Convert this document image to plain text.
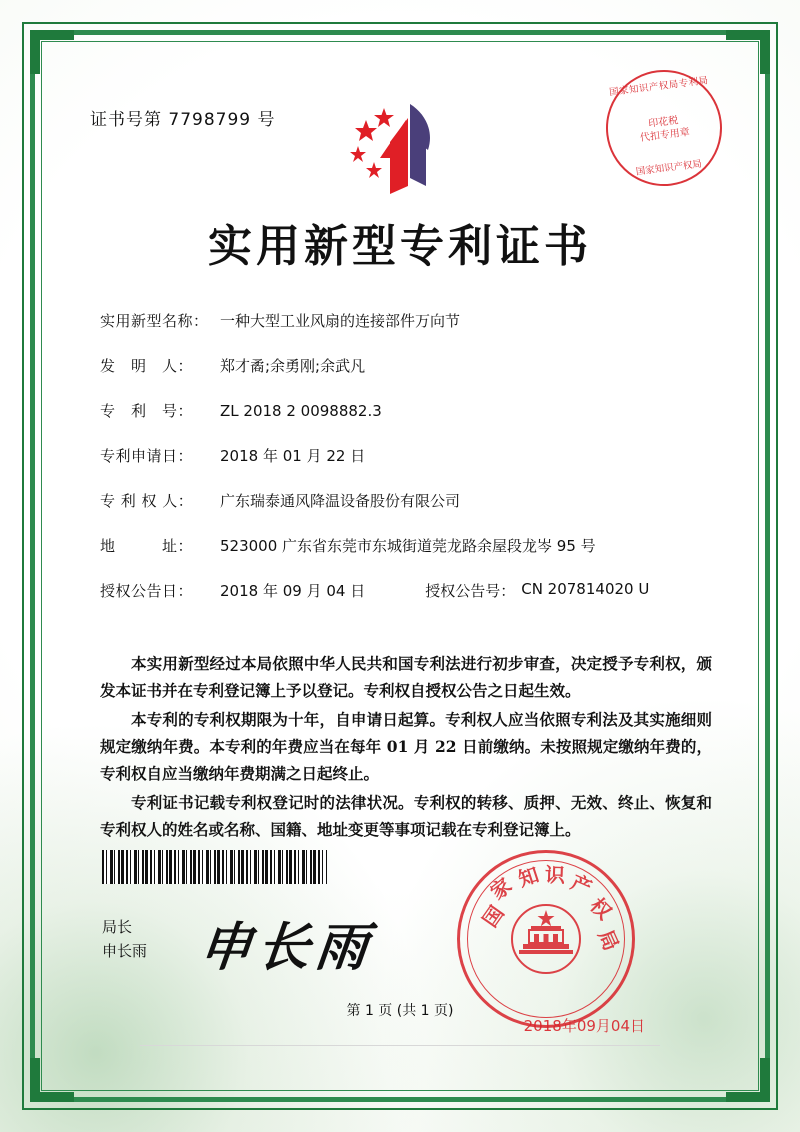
证书号第 7798799 号
国家知识产权局专利局
印花税
代扣专用章
国家知识产权局
实用新型专利证书
实用新型名称： 一种大型工业风扇的连接部件万向节
发　明　人：	郑才矞;余勇刚;余武凡
专　利　号：	ZL 2018 2 0098882.3
专利申请日：	2018 年 01 月 22 日
专 利 权 人：	广东瑞泰通风降温设备股份有限公司
地　　　址：	523000 广东省东莞市东城街道莞龙路余屋段龙岑 95 号
授权公告日：	2018 年 09 月 04 日	授权公告号： CN 207814020 U

本实用新型经过本局依照中华人民共和国专利法进行初步审查，决定授予专利权，颁发本证书并在专利登记簿上予以登记。专利权自授权公告之日起生效。

本专利的专利权期限为十年，自申请日起算。专利权人应当依照专利法及其实施细则规定缴纳年费。本专利的年费应当在每年 01 月 22 日前缴纳。未按照规定缴纳年费的，专利权自应当缴纳年费期满之日起终止。

专利证书记载专利权登记时的法律状况。专利权的转移、质押、无效、终止、恢复和专利权人的姓名或名称、国籍、地址变更等事项记载在专利登记簿上。

局长
申长雨 申长雨
国
家 知 识 产
权
局
2018年09月04日
第 1 页 (共 1 页)
